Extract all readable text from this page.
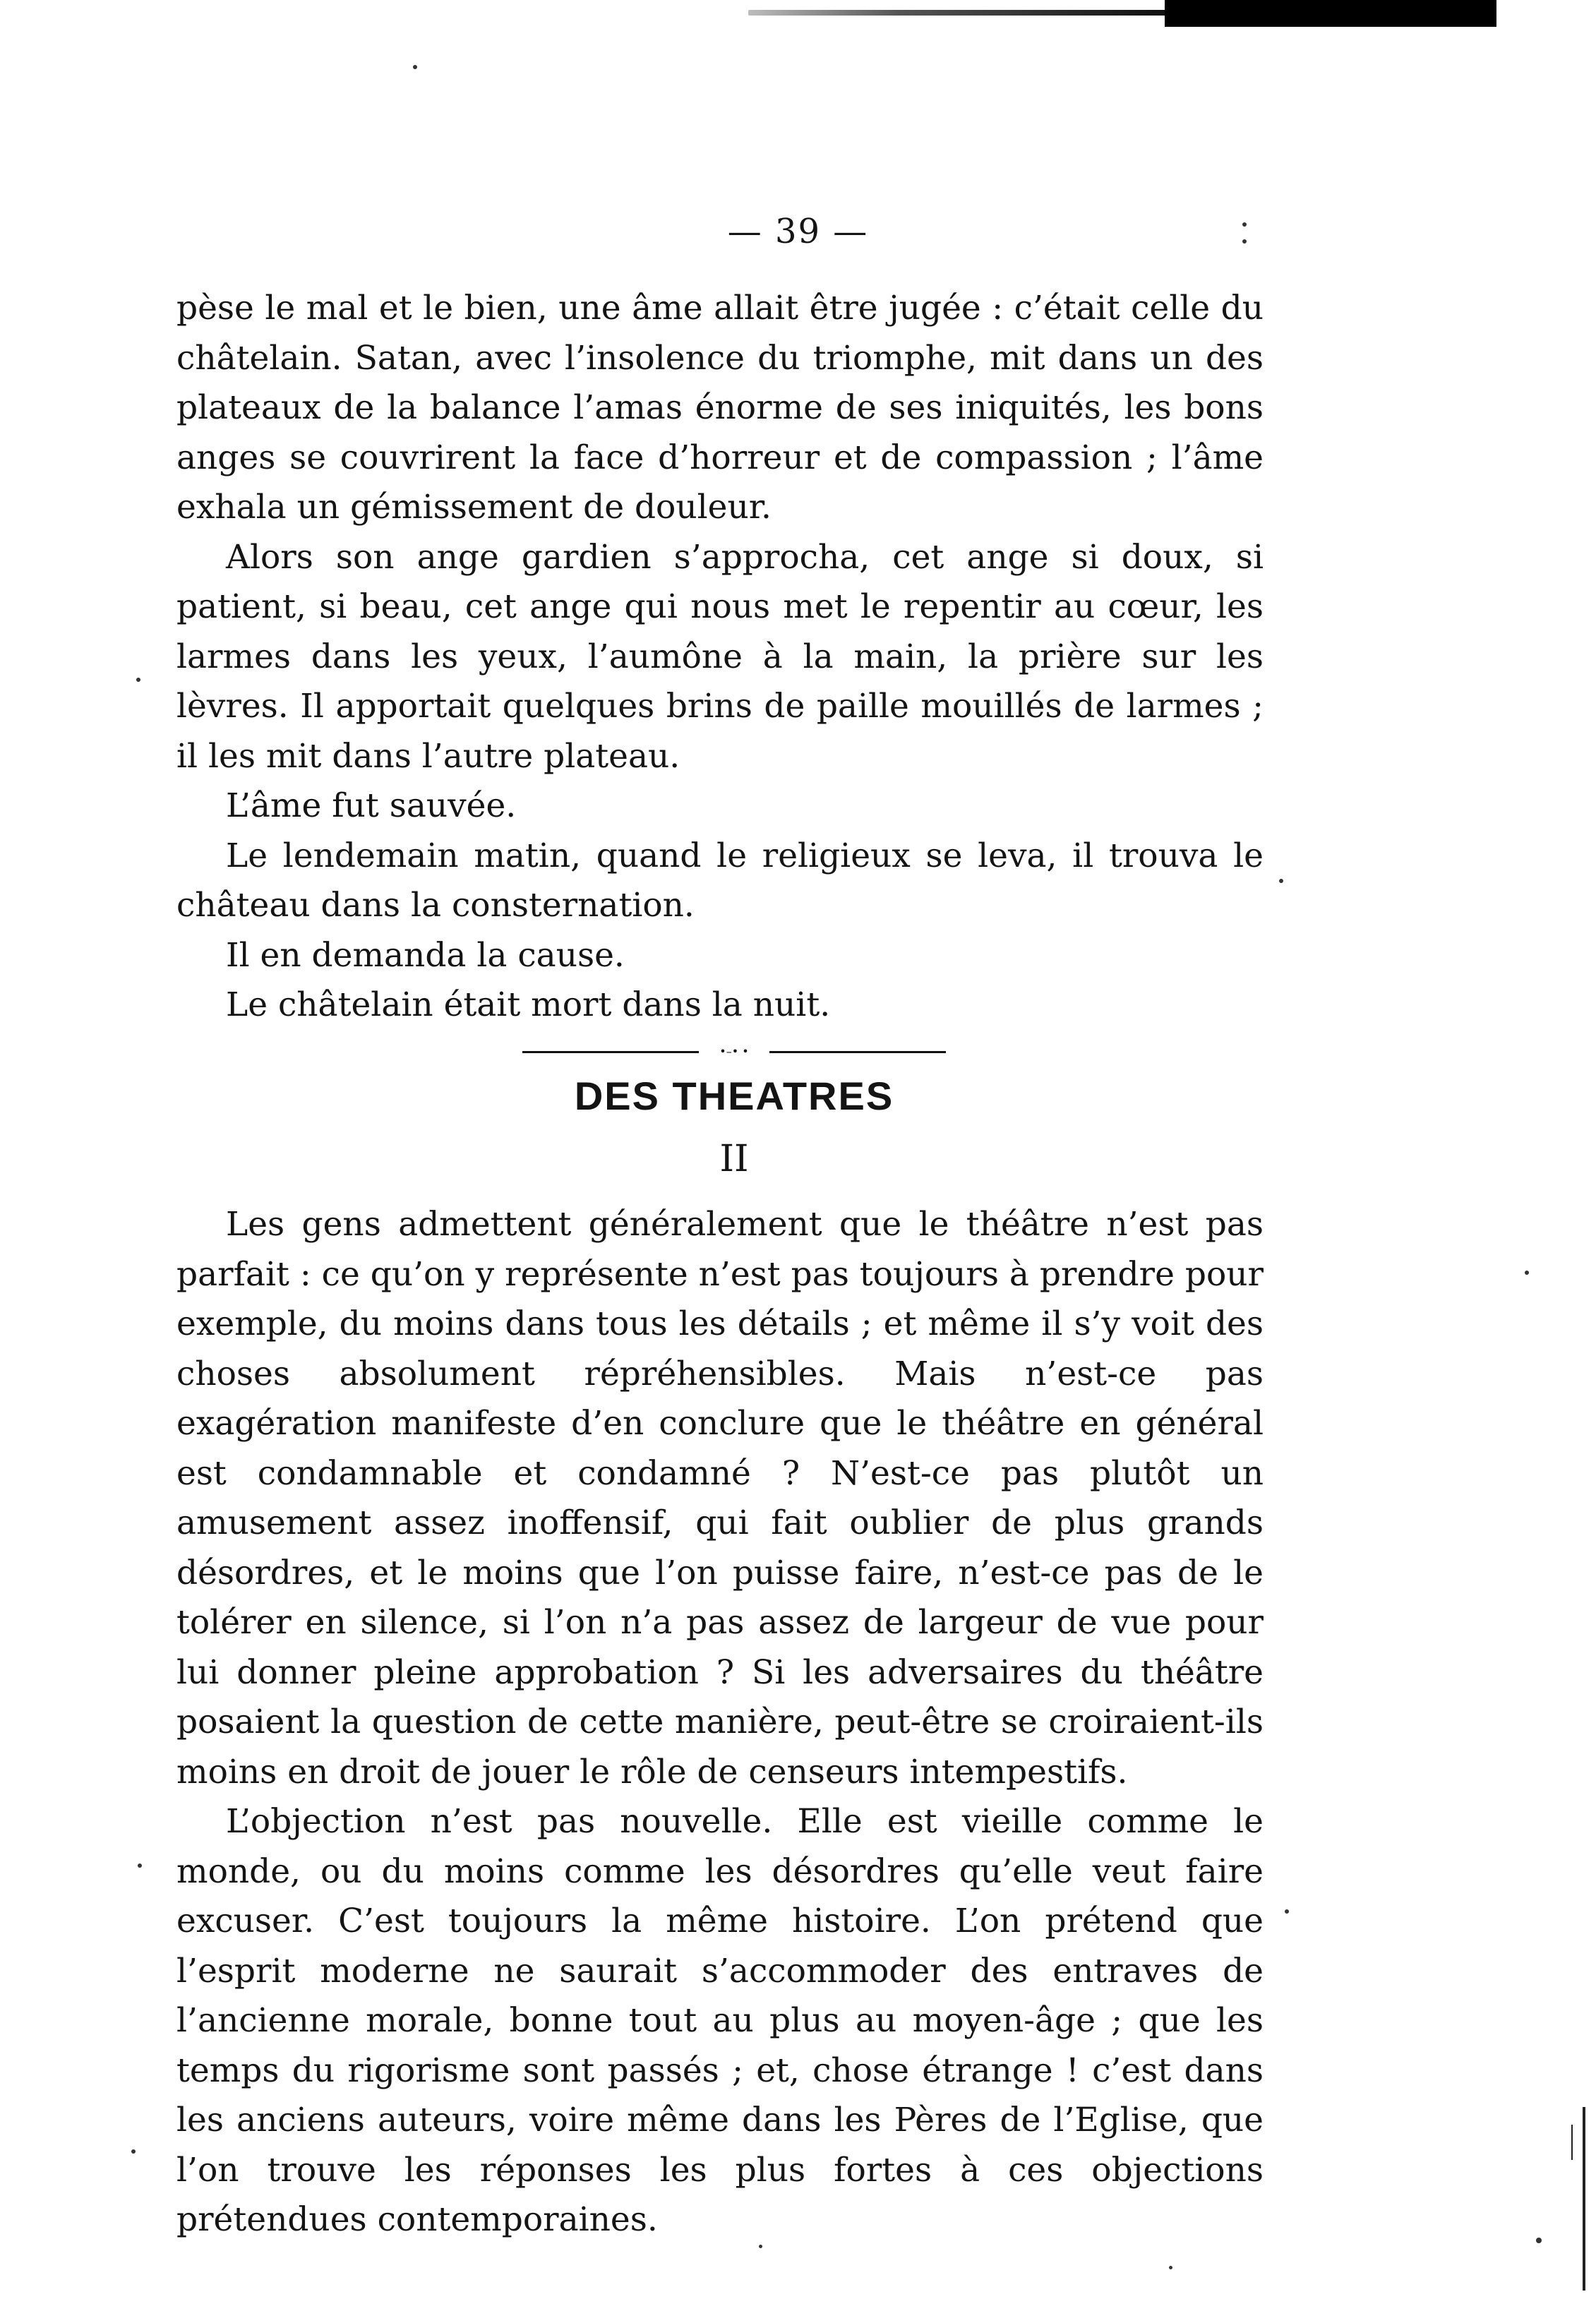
— 39 —

pèse le mal et le bien, une âme allait être jugée : c’était celle du châtelain. Satan, avec l’insolence du triomphe, mit dans un des plateaux de la balance l’amas énorme de ses iniquités, les bons anges se couvrirent la face d’horreur et de compassion ; l’âme exhala un gémissement de douleur.

Alors son ange gardien s’approcha, cet ange si doux, si patient, si beau, cet ange qui nous met le repentir au cœur, les larmes dans les yeux, l’aumône à la main, la prière sur les lèvres. Il apportait quelques brins de paille mouillés de larmes ; il les mit dans l’autre plateau.

L’âme fut sauvée.

Le lendemain matin, quand le religieux se leva, il trouva le château dans la consternation.

Il en demanda la cause.

Le châtelain était mort dans la nuit.

•–• •
DES THEATRES
II

Les gens admettent généralement que le théâtre n’est pas parfait : ce qu’on y représente n’est pas toujours à prendre pour exemple, du moins dans tous les détails ; et même il s’y voit des choses absolument répréhensibles. Mais n’est-ce pas exagération manifeste d’en conclure que le théâtre en général est condamnable et condamné ? N’est-ce pas plutôt un amusement assez inoffensif, qui fait oublier de plus grands désordres, et le moins que l’on puisse faire, n’est-ce pas de le tolérer en silence, si l’on n’a pas assez de largeur de vue pour lui donner pleine approbation ? Si les adversaires du théâtre posaient la question de cette manière, peut-être se croiraient-ils moins en droit de jouer le rôle de censeurs intempestifs.

L’objection n’est pas nouvelle. Elle est vieille comme le monde, ou du moins comme les désordres qu’elle veut faire excuser. C’est toujours la même histoire. L’on prétend que l’esprit moderne ne saurait s’accommoder des entraves de l’ancienne morale, bonne tout au plus au moyen-âge ; que les temps du rigorisme sont passés ; et, chose étrange ! c’est dans les anciens auteurs, voire même dans les Pères de l’Eglise, que l’on trouve les réponses les plus fortes à ces objections prétendues contemporaines.
